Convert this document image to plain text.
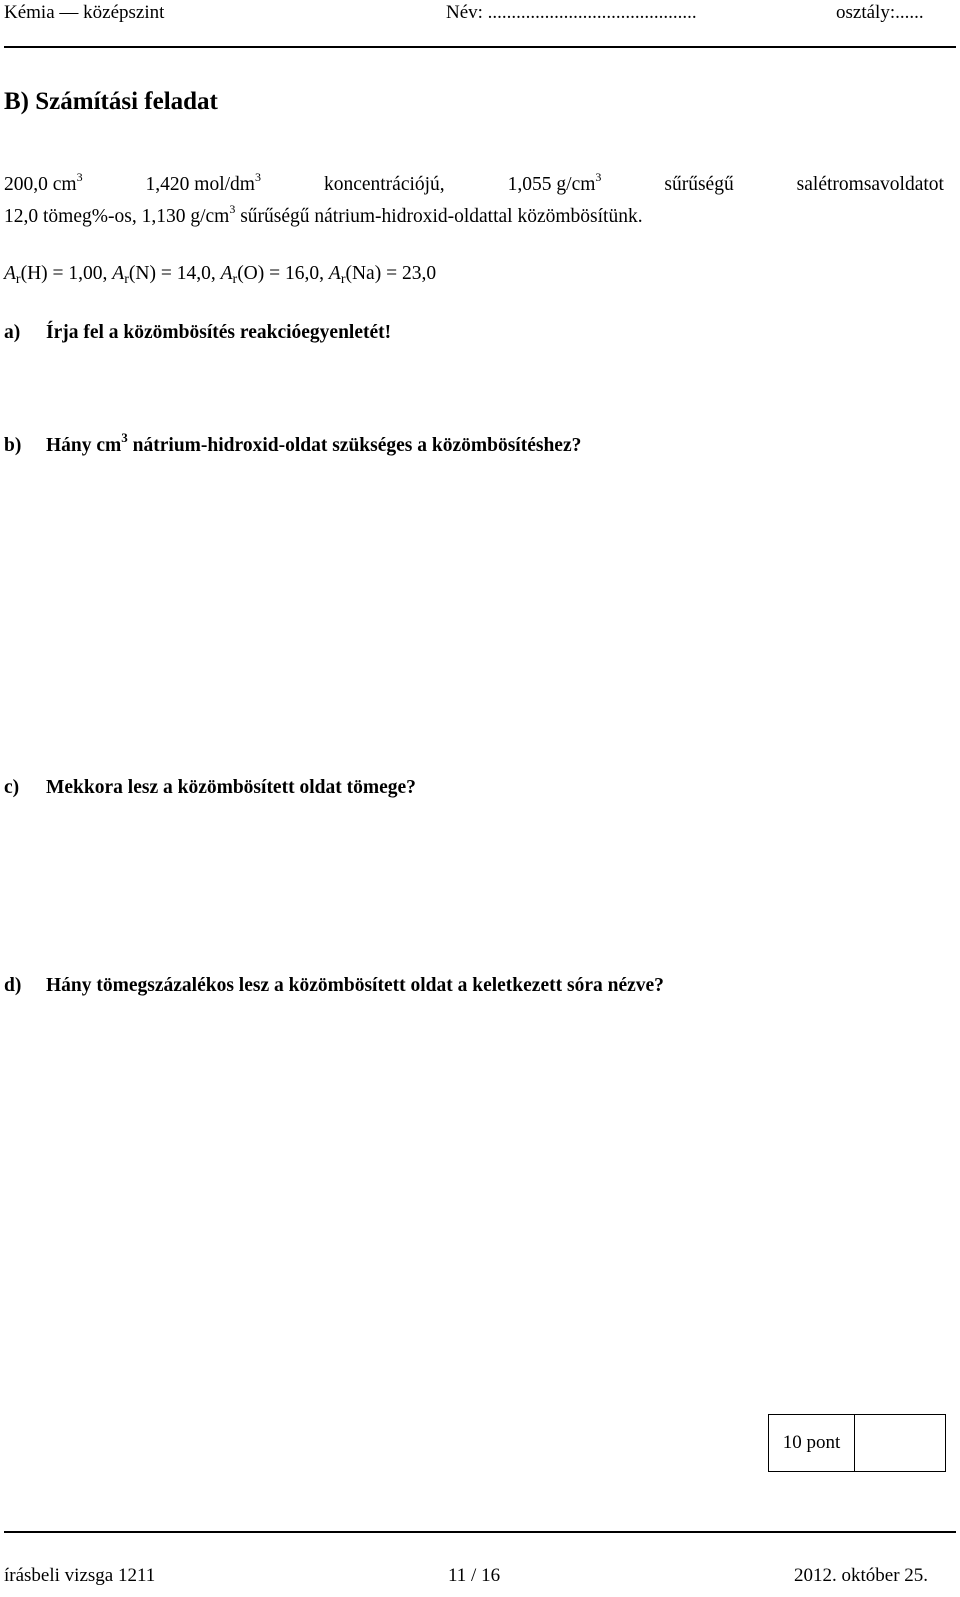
Kémia — középszint	Név: ............................................	osztály:......
B) Számítási feladat
200,0 $cm^3$	1,420 mol/$dm^3$	koncentrációjú,	1,055 $g/cm^3$	sűrűségű	salétromsavoldatot
12,0 tömeg%-os, 1,130 $g/cm^3$ sűrűségű nátrium-hidroxid-oldattal közömbösítünk.
$A_r(H) = 1,00$, $A_r(N) = 14,0$, $A_r(O) = 16,0$, $A_r(Na) = 23,0$
a) Írja fel a közömbösítés reakcióegyenletét!
b) Hány $cm^3$ nátrium-hidroxid-oldat szükséges a közömbösítéshez?
c) Mekkora lesz a közömbösített oldat tömege?
d) Hány tömegszázalékos lesz a közömbösített oldat a keletkezett sóra nézve?
10 pont
írásbeli vizsga 1211	11 / 16	2012. október 25.
